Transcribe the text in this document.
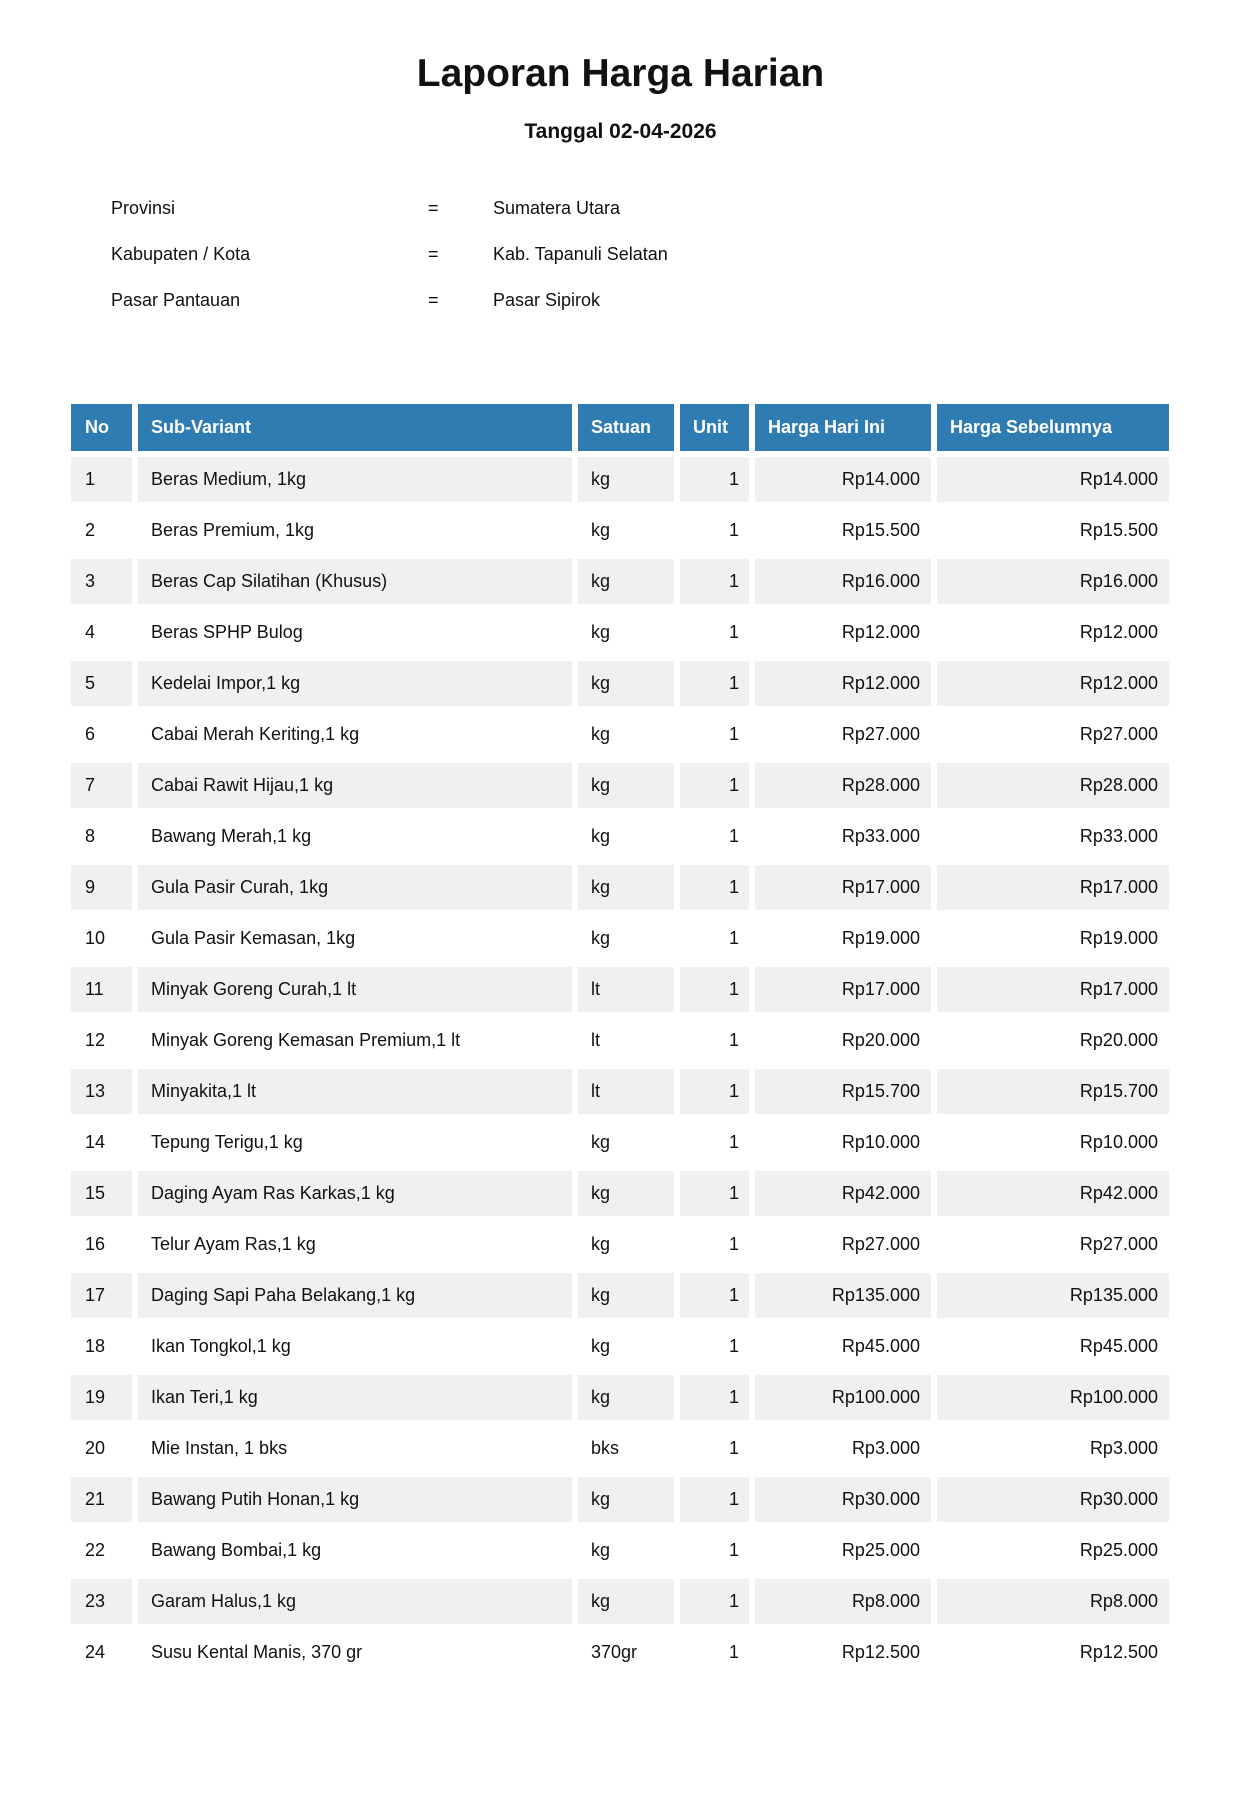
Laporan Harga Harian
Tanggal 02-04-2026
Provinsi	=	Sumatera Utara
Kabupaten / Kota	=	Kab. Tapanuli Selatan
Pasar Pantauan	=	Pasar Sipirok
No	Sub-Variant	Satuan	Unit	Harga Hari Ini	Harga Sebelumnya
1	Beras Medium, 1kg	kg	1	Rp14.000	Rp14.000
2	Beras Premium, 1kg	kg	1	Rp15.500	Rp15.500
3	Beras Cap Silatihan (Khusus)	kg	1	Rp16.000	Rp16.000
4	Beras SPHP Bulog	kg	1	Rp12.000	Rp12.000
5	Kedelai Impor,1 kg	kg	1	Rp12.000	Rp12.000
6	Cabai Merah Keriting,1 kg	kg	1	Rp27.000	Rp27.000
7	Cabai Rawit Hijau,1 kg	kg	1	Rp28.000	Rp28.000
8	Bawang Merah,1 kg	kg	1	Rp33.000	Rp33.000
9	Gula Pasir Curah, 1kg	kg	1	Rp17.000	Rp17.000
10	Gula Pasir Kemasan, 1kg	kg	1	Rp19.000	Rp19.000
11	Minyak Goreng Curah,1 lt	lt	1	Rp17.000	Rp17.000
12	Minyak Goreng Kemasan Premium,1 lt	lt	1	Rp20.000	Rp20.000
13	Minyakita,1 lt	lt	1	Rp15.700	Rp15.700
14	Tepung Terigu,1 kg	kg	1	Rp10.000	Rp10.000
15	Daging Ayam Ras Karkas,1 kg	kg	1	Rp42.000	Rp42.000
16	Telur Ayam Ras,1 kg	kg	1	Rp27.000	Rp27.000
17	Daging Sapi Paha Belakang,1 kg	kg	1	Rp135.000	Rp135.000
18	Ikan Tongkol,1 kg	kg	1	Rp45.000	Rp45.000
19	Ikan Teri,1 kg	kg	1	Rp100.000	Rp100.000
20	Mie Instan, 1 bks	bks	1	Rp3.000	Rp3.000
21	Bawang Putih Honan,1 kg	kg	1	Rp30.000	Rp30.000
22	Bawang Bombai,1 kg	kg	1	Rp25.000	Rp25.000
23	Garam Halus,1 kg	kg	1	Rp8.000	Rp8.000
24	Susu Kental Manis, 370 gr	370gr	1	Rp12.500	Rp12.500
